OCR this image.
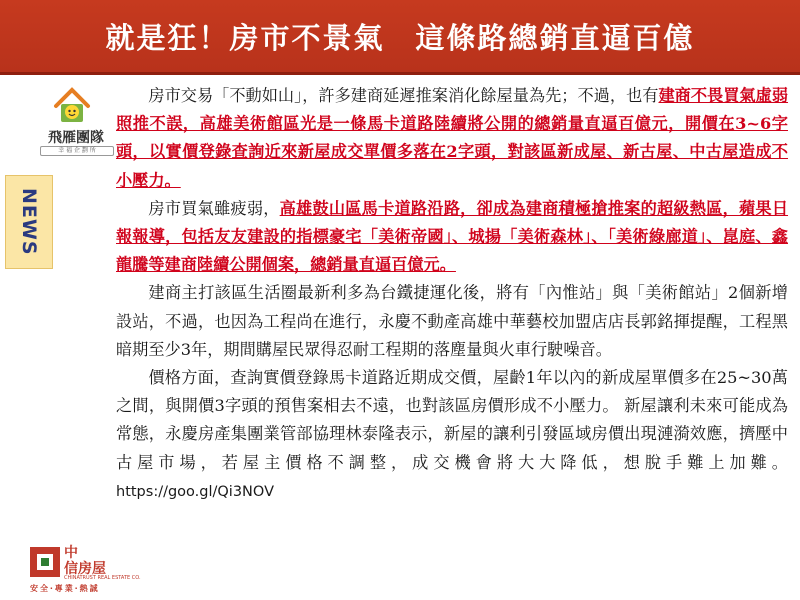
就是狂！房市不景氣　這條路總銷直逼百億
飛雁團隊
幸 福 企 劃 所
NEWS
中
信房屋
CHINATRUST REAL ESTATE CO.
安全‧專業‧熱誠

房市交易「不動如山」，許多建商延遲推案消化餘屋量為先；不過，也有建商不畏買氣虛弱照推不誤，高雄美術館區光是一條馬卡道路陸續將公開的總銷量直逼百億元，開價在3~6字頭，以實價登錄查詢近來新屋成交單價多落在2字頭，對該區新成屋、新古屋、中古屋造成不小壓力。

房市買氣雖疲弱，高雄鼓山區馬卡道路沿路，卻成為建商積極搶推案的超級熱區，蘋果日報報導，包括友友建設的指標豪宅「美術帝國」、城揚「美術森林」、「美術綠廊道」、崑庭、鑫龍騰等建商陸續公開個案，總銷量直逼百億元。

建商主打該區生活圈最新利多為台鐵捷運化後，將有「內惟站」與「美術館站」2個新增設站，不過，也因為工程尚在進行，永慶不動產高雄中華藝校加盟店店長郭銘揮提醒，工程黑暗期至少3年，期間購屋民眾得忍耐工程期的落塵量與火車行駛噪音。

價格方面，查詢實價登錄馬卡道路近期成交價，屋齡1年以內的新成屋單價多在25~30萬之間，與開價3字頭的預售案相去不遠，也對該區房價形成不小壓力。 新屋讓利未來可能成為常態，永慶房產集團業管部協理林泰隆表示，新屋的讓利引發區域房價出現漣漪效應，擠壓中古屋市場，若屋主價格不調整，成交機會將大大降低，想脫手難上加難。 https://goo.gl/Qi3NOV
